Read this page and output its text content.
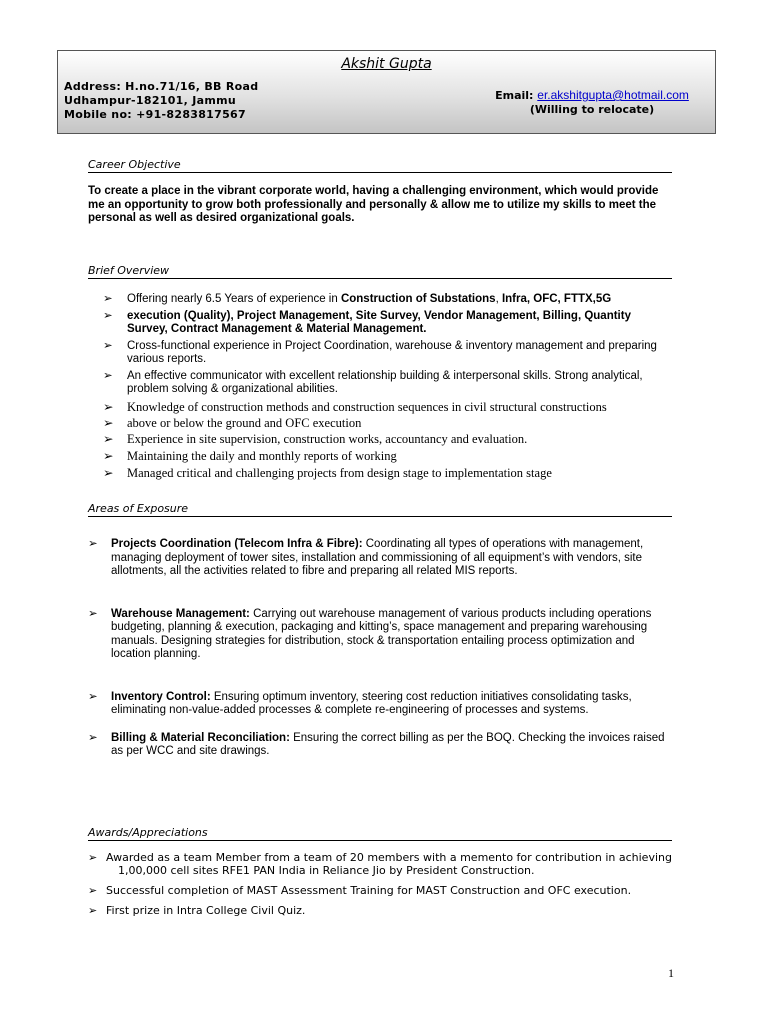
Akshit Gupta
Address: H.no.71/16, BB Road
Udhampur-182101, Jammu
Mobile no: +91-8283817567
Email: er.akshitgupta@hotmail.com
(Willing to relocate)
Career Objective
To create a place in the vibrant corporate world, having a challenging environment, which would provide me an opportunity to grow both professionally and personally & allow me to utilize my skills to meet the personal as well as desired organizational goals.
Brief Overview
➢ Offering nearly 6.5 Years of experience in Construction of Substations, Infra, OFC, FTTX,5G
➢ execution (Quality), Project Management, Site Survey, Vendor Management, Billing, Quantity Survey, Contract Management & Material Management.
➢ Cross-functional experience in Project Coordination, warehouse & inventory management and preparing various reports.
➢ An effective communicator with excellent relationship building & interpersonal skills. Strong analytical, problem solving & organizational abilities.
➢ Knowledge of construction methods and construction sequences in civil structural constructions
➢ above or below the ground and OFC execution
➢ Experience in site supervision, construction works, accountancy and evaluation.
➢ Maintaining the daily and monthly reports of working
➢ Managed critical and challenging projects from design stage to implementation stage
Areas of Exposure
➢ Projects Coordination (Telecom Infra & Fibre): Coordinating all types of operations with management, managing deployment of tower sites, installation and commissioning of all equipment’s with vendors, site allotments, all the activities related to fibre and preparing all related MIS reports.
➢ Warehouse Management: Carrying out warehouse management of various products including operations budgeting, planning & execution, packaging and kitting’s, space management and preparing warehousing manuals. Designing strategies for distribution, stock & transportation entailing process optimization and location planning.
➢ Inventory Control: Ensuring optimum inventory, steering cost reduction initiatives consolidating tasks, eliminating non-value-added processes & complete re-engineering of processes and systems.
➢ Billing & Material Reconciliation: Ensuring the correct billing as per the BOQ. Checking the invoices raised as per WCC and site drawings.
Awards/Appreciations
➢ Awarded as a team Member from a team of 20 members with a memento for contribution in achieving 1,00,000 cell sites RFE1 PAN India in Reliance Jio by President Construction.
➢ Successful completion of MAST Assessment Training for MAST Construction and OFC execution.
➢ First prize in Intra College Civil Quiz.
1
